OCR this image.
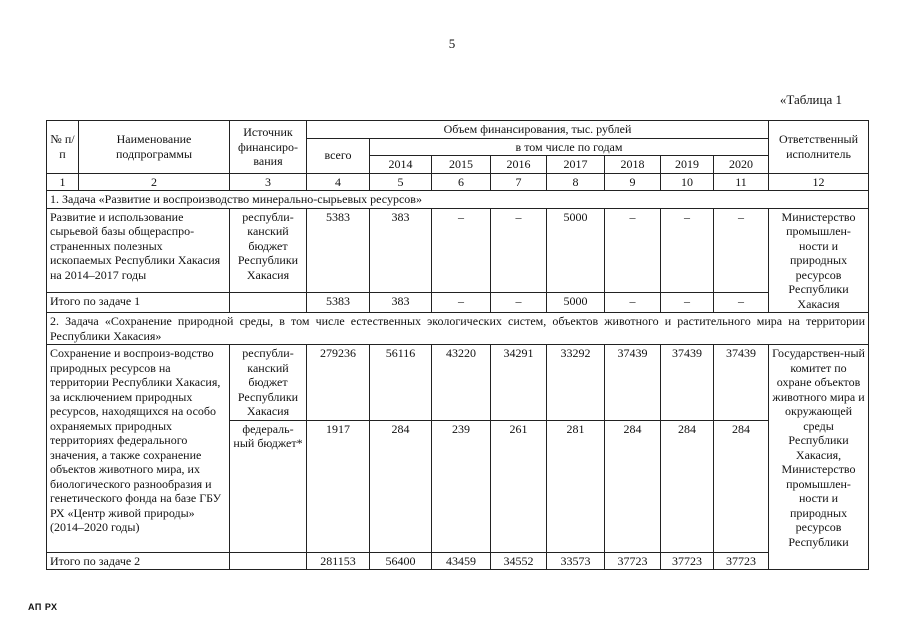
5
«Таблица 1
№ п/п	Наименование подпрограммы	Источник финансиро-вания	Объем финансирования, тыс. рублей								Ответственный исполнитель
			всего	в том числе по годам							
				2014	2015	2016	2017	2018	2019	2020	
1	2	3	4	5	6	7	8	9	10	11	12
1. Задача «Развитие и воспроизводство минерально-сырьевых ресурсов»											
Развитие и использование сырьевой базы общераспро-страненных полезных ископаемых Республики Хакасия на 2014–2017 годы		республи-канский бюджет Республики Хакасия	5383	383	–	–	5000	–	–	–	Министерство промышлен-ности и природных ресурсов Республики Хакасия
Итого по задаче 1			5383	383	–	–	5000	–	–	–	
2. Задача «Сохранение природной среды, в том числе естественных экологических систем, объектов животного и растительного мира на территории Республики Хакасия»											
Сохранение и воспроиз-водство природных ресурсов на территории Республики Хакасия, за исключением природных ресурсов, находящихся на особо охраняемых природных территориях федерального значения, а также сохранение объектов животного мира, их биологического разнообразия и генетического фонда на базе ГБУ РХ «Центр живой природы» (2014–2020 годы)		республи-канский бюджет Республики Хакасия	279236	56116	43220	34291	33292	37439	37439	37439	Государствен-ный комитет по охране объектов животного мира и окружающей среды Республики Хакасия, Министерство промышлен-ности и природных ресурсов Республики
		федераль-ный бюджет*	1917	284	239	261	281	284	284	284	
Итого по задаче 2			281153	56400	43459	34552	33573	37723	37723	37723	
АП РХ
